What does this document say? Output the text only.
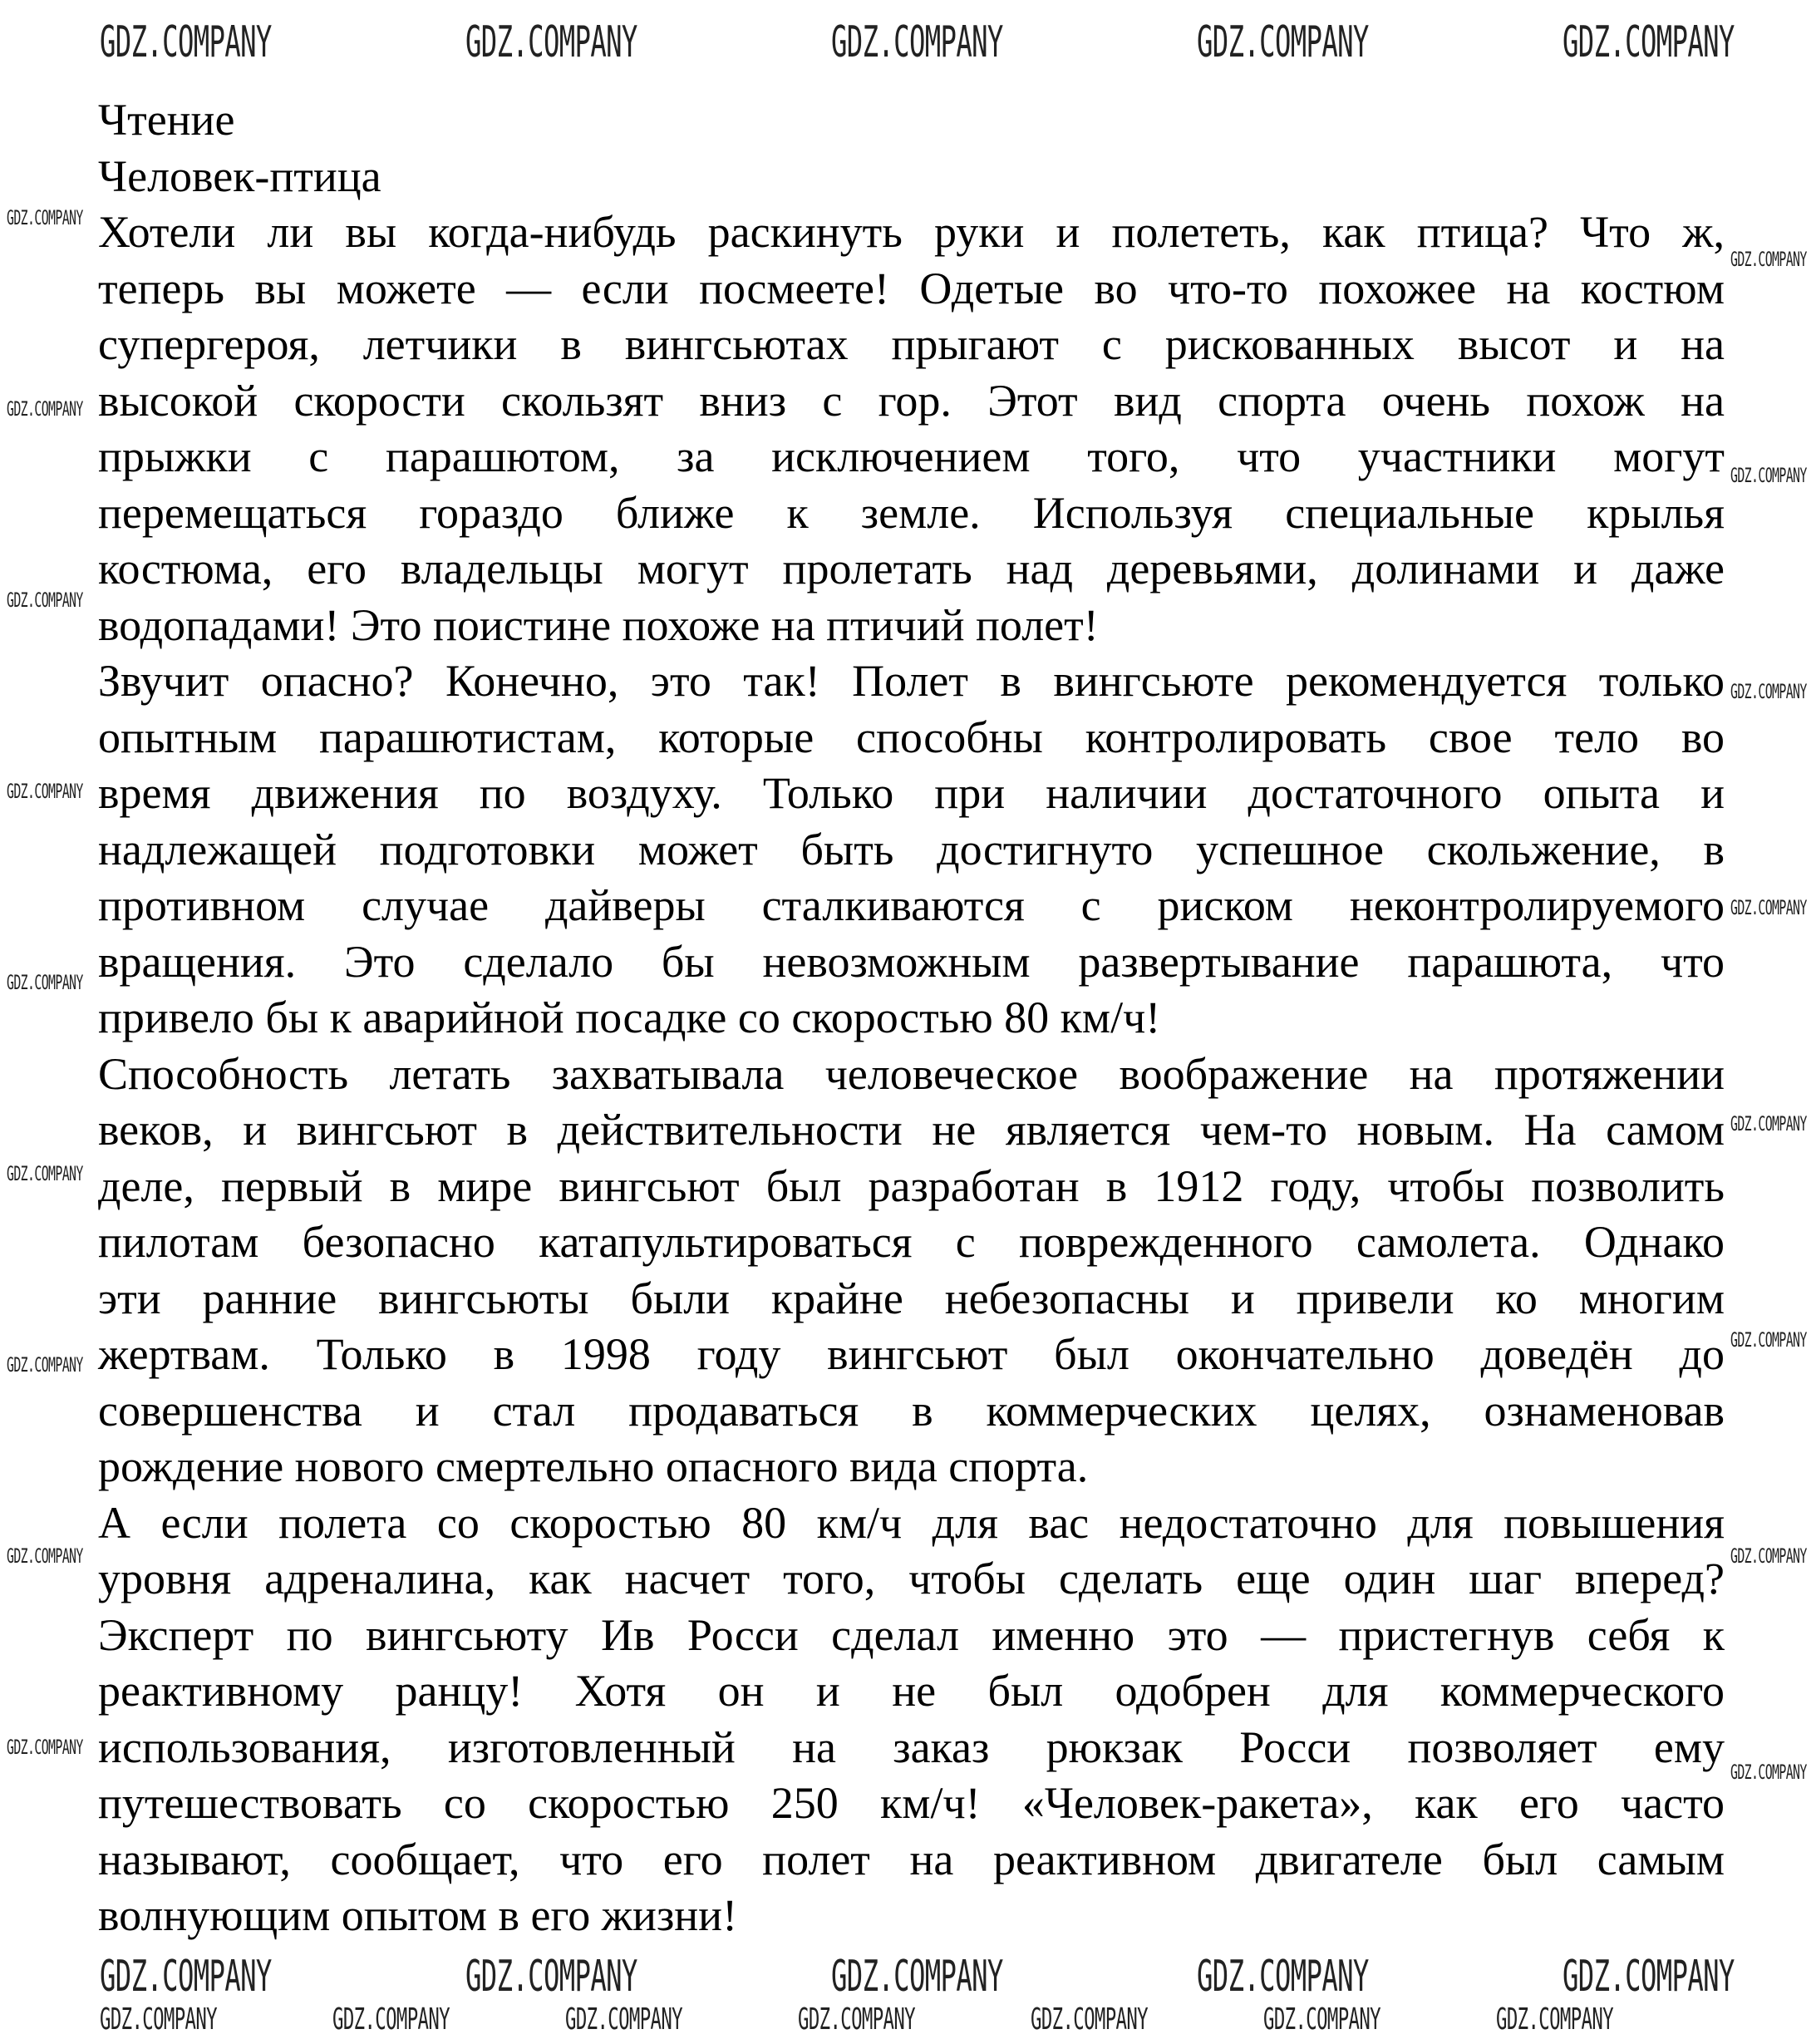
Чтение
Человек-птица
Хотели ли вы когда-нибудь раскинуть руки и полететь, как птица? Что ж,
теперь вы можете — если посмеете! Одетые во что-то похожее на костюм
супергероя, летчики в вингсьютах прыгают с рискованных высот и на
высокой скорости скользят вниз с гор. Этот вид спорта очень похож на
прыжки с парашютом, за исключением того, что участники могут
перемещаться гораздо ближе к земле. Используя специальные крылья
костюма, его владельцы могут пролетать над деревьями, долинами и даже
водопадами! Это поистине похоже на птичий полет!
Звучит опасно? Конечно, это так! Полет в вингсьюте рекомендуется только
опытным парашютистам, которые способны контролировать свое тело во
время движения по воздуху. Только при наличии достаточного опыта и
надлежащей подготовки может быть достигнуто успешное скольжение, в
противном случае дайверы сталкиваются с риском неконтролируемого
вращения. Это сделало бы невозможным развертывание парашюта, что
привело бы к аварийной посадке со скоростью 80 км/ч!
Способность летать захватывала человеческое воображение на протяжении
веков, и вингсьют в действительности не является чем-то новым. На самом
деле, первый в мире вингсьют был разработан в 1912 году, чтобы позволить
пилотам безопасно катапультироваться с поврежденного самолета. Однако
эти ранние вингсьюты были крайне небезопасны и привели ко многим
жертвам. Только в 1998 году вингсьют был окончательно доведён до
совершенства и стал продаваться в коммерческих целях, ознаменовав
рождение нового смертельно опасного вида спорта.
А если полета со скоростью 80 км/ч для вас недостаточно для повышения
уровня адреналина, как насчет того, чтобы сделать еще один шаг вперед?
Эксперт по вингсьюту Ив Росси сделал именно это — пристегнув себя к
реактивному ранцу! Хотя он и не был одобрен для коммерческого
использования, изготовленный на заказ рюкзак Росси позволяет ему
путешествовать со скоростью 250 км/ч! «Человек-ракета», как его часто
называют, сообщает, что его полет на реактивном двигателе был самым
волнующим опытом в его жизни!
GDZ.COMPANY	GDZ.COMPANY	GDZ.COMPANY	GDZ.COMPANY	GDZ.COMPANY
GDZ.COMPANY	GDZ.COMPANY	GDZ.COMPANY	GDZ.COMPANY	GDZ.COMPANY
GDZ.COMPANY	GDZ.COMPANY	GDZ.COMPANY	GDZ.COMPANY	GDZ.COMPANY	GDZ.COMPANY	GDZ.COMPANY
GDZ.COMPANY
GDZ.COMPANY
GDZ.COMPANY
GDZ.COMPANY
GDZ.COMPANY
GDZ.COMPANY
GDZ.COMPANY
GDZ.COMPANY
GDZ.COMPANY
GDZ.COMPANY
GDZ.COMPANY
GDZ.COMPANY
GDZ.COMPANY
GDZ.COMPANY
GDZ.COMPANY
GDZ.COMPANY
GDZ.COMPANY
